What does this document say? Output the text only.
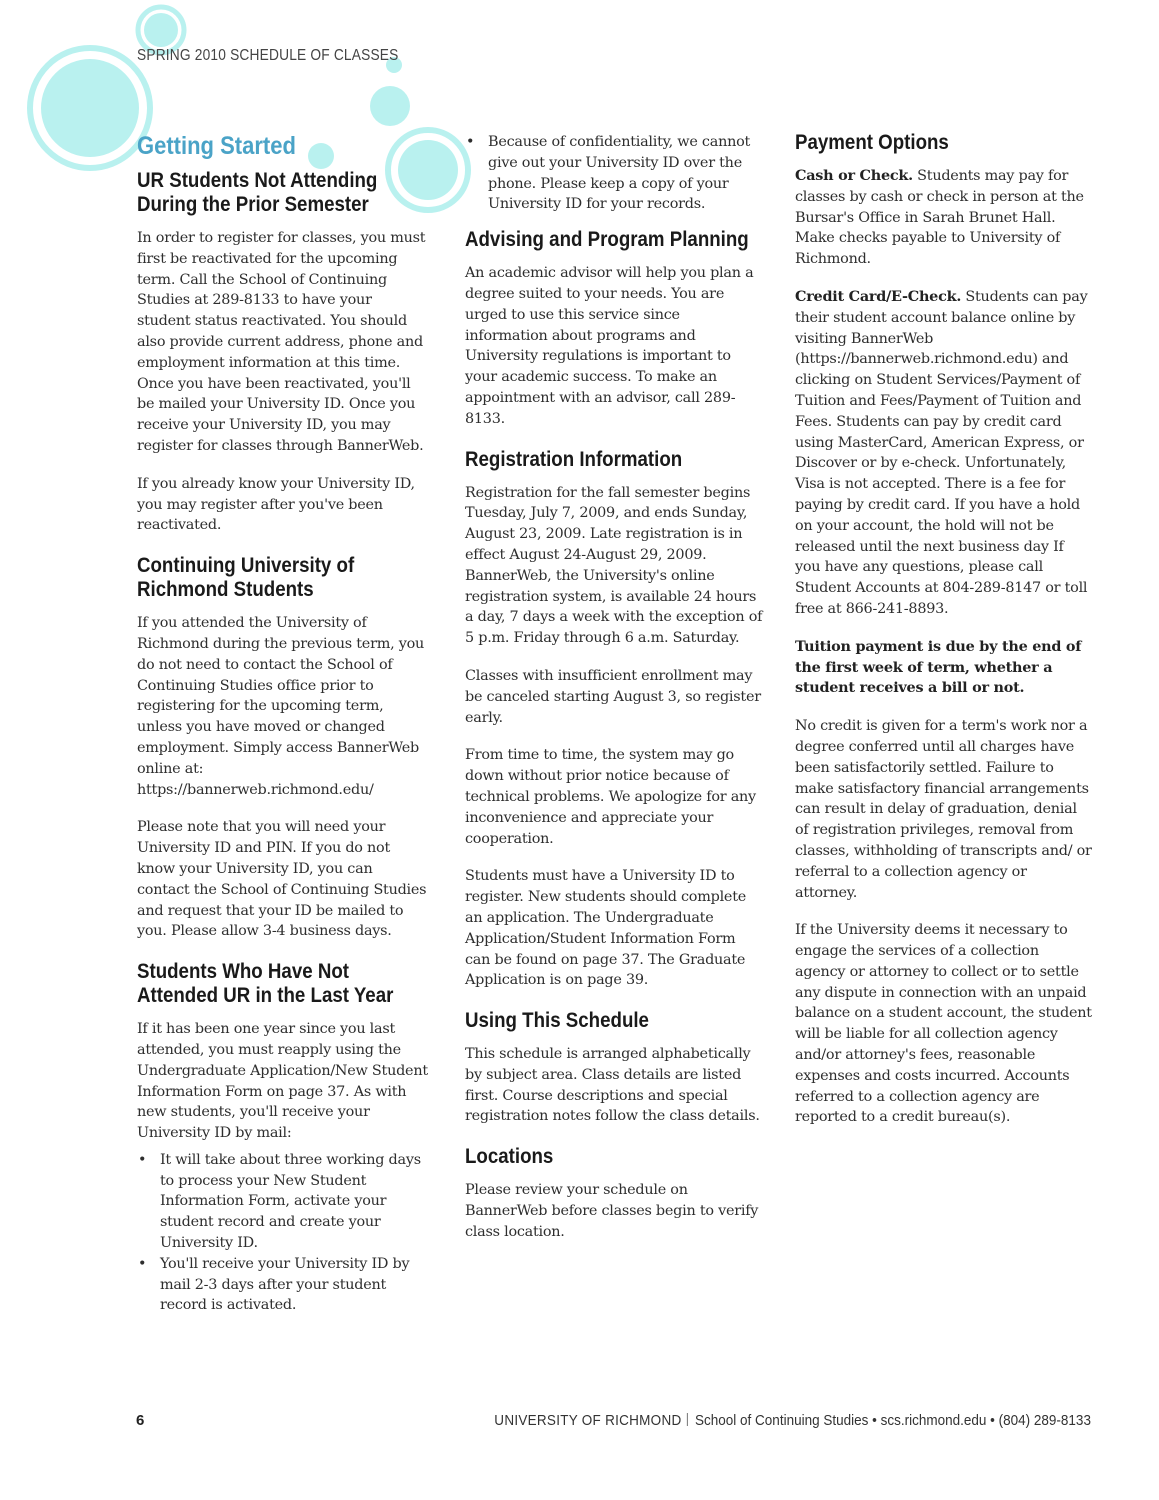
SPRING 2010 SCHEDULE OF CLASSES
Getting Started
UR Students Not Attending During the Prior Semester

In order to register for classes, you must first be reactivated for the upcoming term. Call the School of Continuing Studies at 289-8133 to have your student status reactivated. You should also provide current address, phone and employment information at this time. Once you have been reactivated, you'll be mailed your University ID. Once you receive your University ID, you may register for classes through BannerWeb.

If you already know your University ID, you may register after you've been reactivated.

Continuing University of Richmond Students

If you attended the University of Richmond during the previous term, you do not need to contact the School of Continuing Studies office prior to registering for the upcoming term, unless you have moved or changed employment. Simply access BannerWeb online at: https://bannerweb.richmond.edu/

Please note that you will need your University ID and PIN. If you do not know your University ID, you can contact the School of Continuing Studies and request that your ID be mailed to you. Please allow 3-4 business days.

Students Who Have Not Attended UR in the Last Year

If it has been one year since you last attended, you must reapply using the Undergraduate Application/New Student Information Form on page 37. As with new students, you'll receive your University ID by mail:

• It will take about three working days to process your New Student Information Form, activate your student record and create your University ID.
• You'll receive your University ID by mail 2-3 days after your student record is activated.
• Because of confidentiality, we cannot give out your University ID over the phone. Please keep a copy of your University ID for your records.
Advising and Program Planning

An academic advisor will help you plan a degree suited to your needs. You are urged to use this service since information about programs and University regulations is important to your academic success. To make an appointment with an advisor, call 289-8133.

Registration Information

Registration for the fall semester begins Tuesday, July 7, 2009, and ends Sunday, August 23, 2009. Late registration is in effect August 24-August 29, 2009. BannerWeb, the University's online registration system, is available 24 hours a day, 7 days a week with the exception of 5 p.m. Friday through 6 a.m. Saturday.

Classes with insufficient enrollment may be canceled starting August 3, so register early.

From time to time, the system may go down without prior notice because of technical problems. We apologize for any inconvenience and appreciate your cooperation.

Students must have a University ID to register. New students should complete an application. The Undergraduate Application/Student Information Form can be found on page 37. The Graduate Application is on page 39.

Using This Schedule

This schedule is arranged alphabetically by subject area. Class details are listed first. Course descriptions and special registration notes follow the class details.

Locations

Please review your schedule on BannerWeb before classes begin to verify class location.

Payment Options

Cash or Check. Students may pay for classes by cash or check in person at the Bursar's Office in Sarah Brunet Hall. Make checks payable to University of Richmond.

Credit Card/E-Check. Students can pay their student account balance online by visiting BannerWeb (https://bannerweb.richmond.edu) and clicking on Student Services/Payment of Tuition and Fees/Payment of Tuition and Fees. Students can pay by credit card using MasterCard, American Express, or Discover or by e-check. Unfortunately, Visa is not accepted. There is a fee for paying by credit card. If you have a hold on your account, the hold will not be released until the next business day If you have any questions, please call Student Accounts at 804-289-8147 or toll free at 866-241-8893.

Tuition payment is due by the end of the first week of term, whether a student receives a bill or not.

No credit is given for a term's work nor a degree conferred until all charges have been satisfactorily settled. Failure to make satisfactory financial arrangements can result in delay of graduation, denial of registration privileges, removal from classes, withholding of transcripts and/ or referral to a collection agency or attorney.

If the University deems it necessary to engage the services of a collection agency or attorney to collect or to settle any dispute in connection with an unpaid balance on a student account, the student will be liable for all collection agency and/or attorney's fees, reasonable expenses and costs incurred. Accounts referred to a collection agency are reported to a credit bureau(s).

6	UNIVERSITY OF RICHMOND School of Continuing Studies • scs.richmond.edu • (804) 289-8133
